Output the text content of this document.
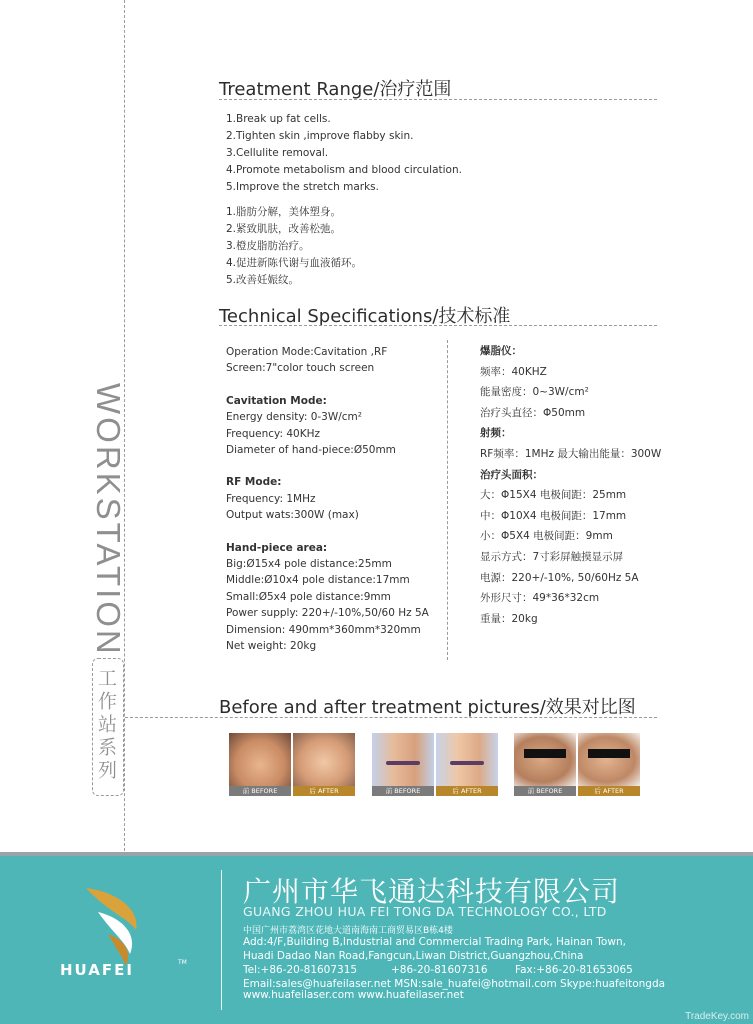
WORKSTATION
工作站系列
Treatment Range/治疗范围
1.Break up fat cells.
2.Tighten skin ,improve flabby skin.
3.Cellulite removal.
4.Promote metabolism and blood circulation.
5.Improve the stretch marks.
1.脂肪分解，美体塑身。
2.紧致肌肤，改善松弛。
3.橙皮脂肪治疗。
4.促进新陈代谢与血液循环。
5.改善妊娠纹。
Technical Specifications/技术标准
Operation Mode:Cavitation ,RF
Screen:7"color touch screen
Cavitation Mode:
Energy density: 0-3W/cm²
Frequency: 40KHz
Diameter of hand-piece:Ø50mm
RF Mode:
Frequency: 1MHz
Output wats:300W (max)
Hand-piece area:
Big:Ø15x4 pole distance:25mm
Middle:Ø10x4 pole distance:17mm
Small:Ø5x4 pole distance:9mm
Power supply: 220+/-10%,50/60 Hz 5A
Dimension: 490mm*360mm*320mm
Net weight: 20kg
爆脂仪：
频率：40KHZ
能量密度：0~3W/cm²
治疗头直径：Φ50mm
射频：
RF频率：1MHz 最大输出能量：300W
治疗头面积：
大：Φ15X4 电极间距：25mm
中：Φ10X4 电极间距：17mm
小：Φ5X4 电极间距：9mm
显示方式：7寸彩屏触摸显示屏
电源：220+/-10%, 50/60Hz 5A
外形尺寸：49*36*32cm
重量：20kg
Before and after treatment pictures/效果对比图
前 BEFORE	后 AFTER	前 BEFORE	后 AFTER	前 BEFORE	后 AFTER
HUAFEI	TM
广州市华飞通达科技有限公司
GUANG ZHOU HUA FEI TONG DA TECHNOLOGY CO., LTD
中国广州市荔湾区花地大道南海南工商贸易区B栋4楼
Add:4/F,Building B,Industrial and Commercial Trading Park, Hainan Town,
Huadi Dadao Nan Road,Fangcun,Liwan District,Guangzhou,China
Tel:+86-20-81607315	+86-20-81607316	Fax:+86-20-81653065
Email:sales@huafeilaser.net MSN:sale_huafei@hotmail.com Skype:huafeitongda
www.huafeilaser.com www.huafeilaser.net
TradeKey.com
